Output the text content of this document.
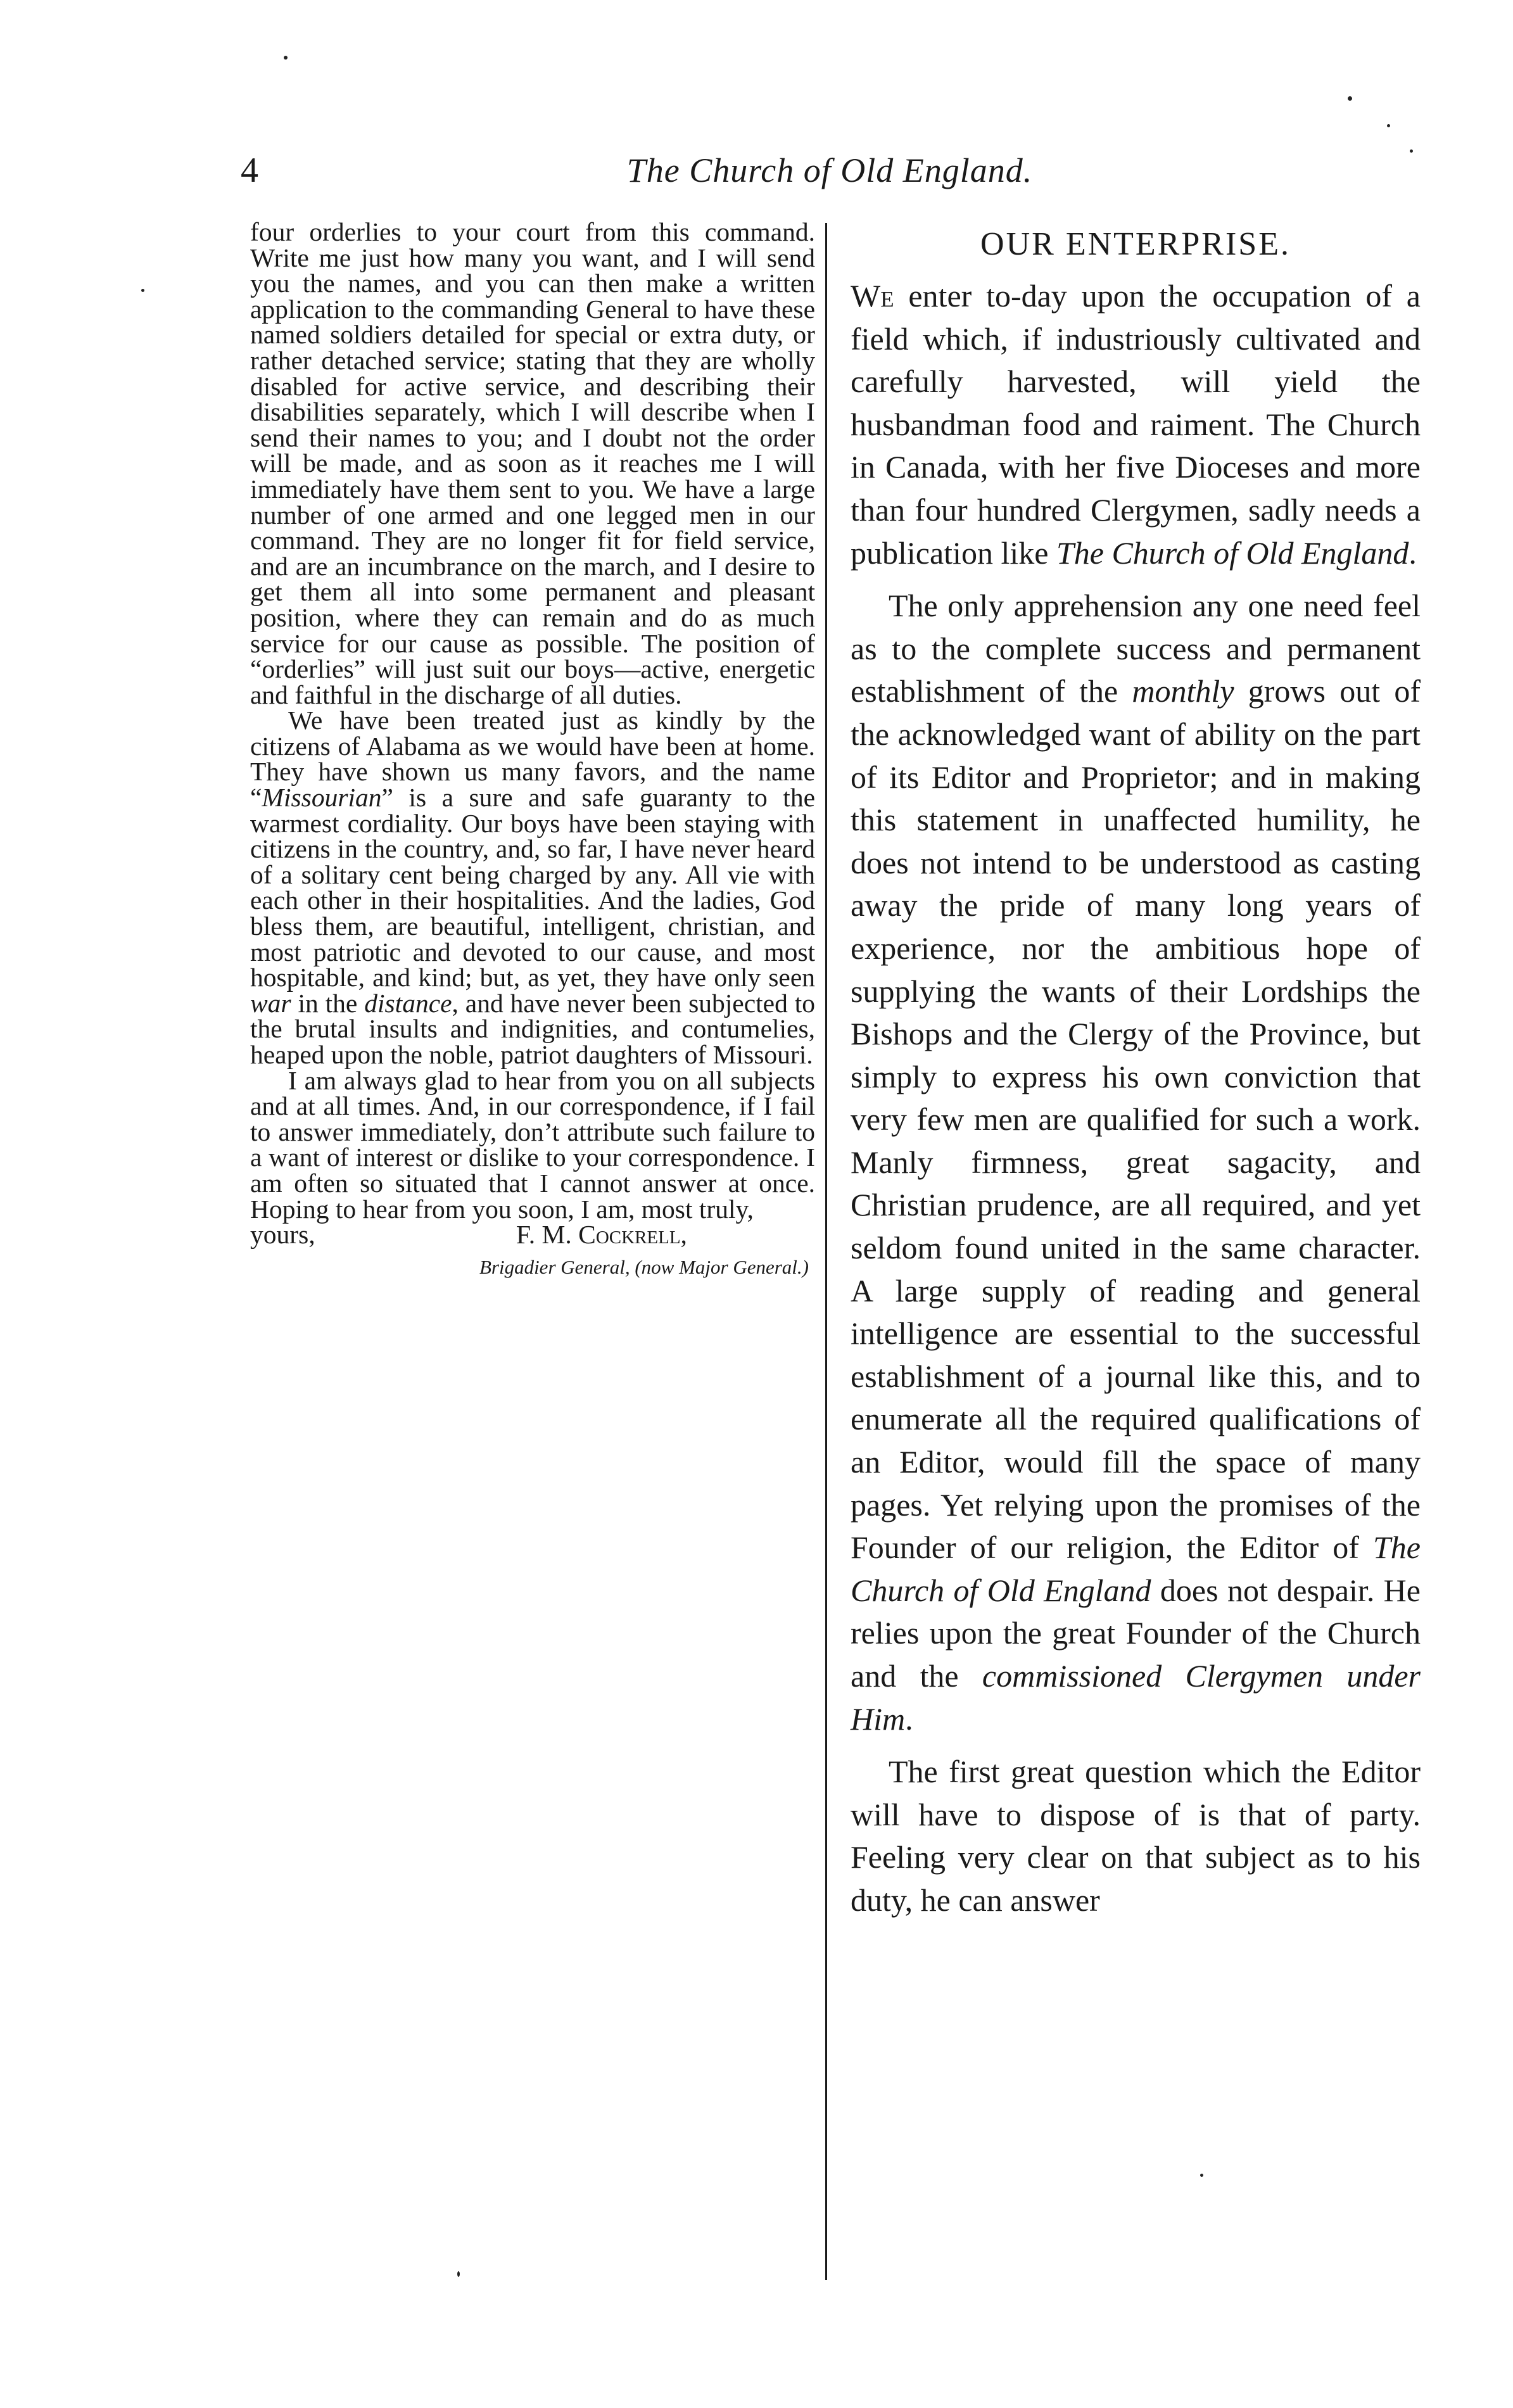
4	The Church of Old England.

four orderlies to your court from this command. Write me just how many you want, and I will send you the names, and you can then make a written application to the commanding General to have these named soldiers detailed for special or extra duty, or rather detached service; stating that they are wholly disabled for active service, and describing their disabilities separately, which I will describe when I send their names to you; and I doubt not the order will be made, and as soon as it reaches me I will immediately have them sent to you. We have a large number of one armed and one legged men in our command. They are no longer fit for field service, and are an incumbrance on the march, and I desire to get them all into some permanent and pleasant position, where they can remain and do as much service for our cause as possible. The position of “orderlies” will just suit our boys—active, energetic and faithful in the discharge of all duties.

We have been treated just as kindly by the citizens of Alabama as we would have been at home. They have shown us many favors, and the name “Missourian” is a sure and safe guaranty to the warmest cordiality. Our boys have been staying with citizens in the country, and, so far, I have never heard of a solitary cent being charged by any. All vie with each other in their hospitalities. And the ladies, God bless them, are beautiful, intelligent, christian, and most patriotic and devoted to our cause, and most hospitable, and kind; but, as yet, they have only seen war in the distance, and have never been subjected to the brutal insults and indignities, and contumelies, heaped upon the noble, patriot daughters of Missouri.

I am always glad to hear from you on all subjects and at all times. And, in our correspondence, if I fail to answer immediately, don’t attribute such failure to a want of interest or dislike to your correspondence. I am often so situated that I cannot answer at once. Hoping to hear from you soon, I am, most truly,

yours,	F. M. Cockrell,
Brigadier General, (now Major General.)
OUR ENTERPRISE.

We enter to-day upon the occupation of a field which, if industriously cultivated and carefully harvested, will yield the husbandman food and raiment. The Church in Canada, with her five Dioceses and more than four hundred Clergymen, sadly needs a publication like The Church of Old England.

The only apprehension any one need feel as to the complete success and permanent establishment of the monthly grows out of the acknowledged want of ability on the part of its Editor and Proprietor; and in making this statement in unaffected humility, he does not intend to be understood as casting away the pride of many long years of experience, nor the ambitious hope of supplying the wants of their Lordships the Bishops and the Clergy of the Province, but simply to express his own conviction that very few men are qualified for such a work. Manly firmness, great sagacity, and Christian prudence, are all required, and yet seldom found united in the same character. A large supply of reading and general intelligence are essential to the successful establishment of a journal like this, and to enumerate all the required qualifications of an Editor, would fill the space of many pages. Yet relying upon the promises of the Founder of our religion, the Editor of The Church of Old England does not despair. He relies upon the great Founder of the Church and the commissioned Clergymen under Him.

The first great question which the Editor will have to dispose of is that of party. Feeling very clear on that subject as to his duty, he can answer
